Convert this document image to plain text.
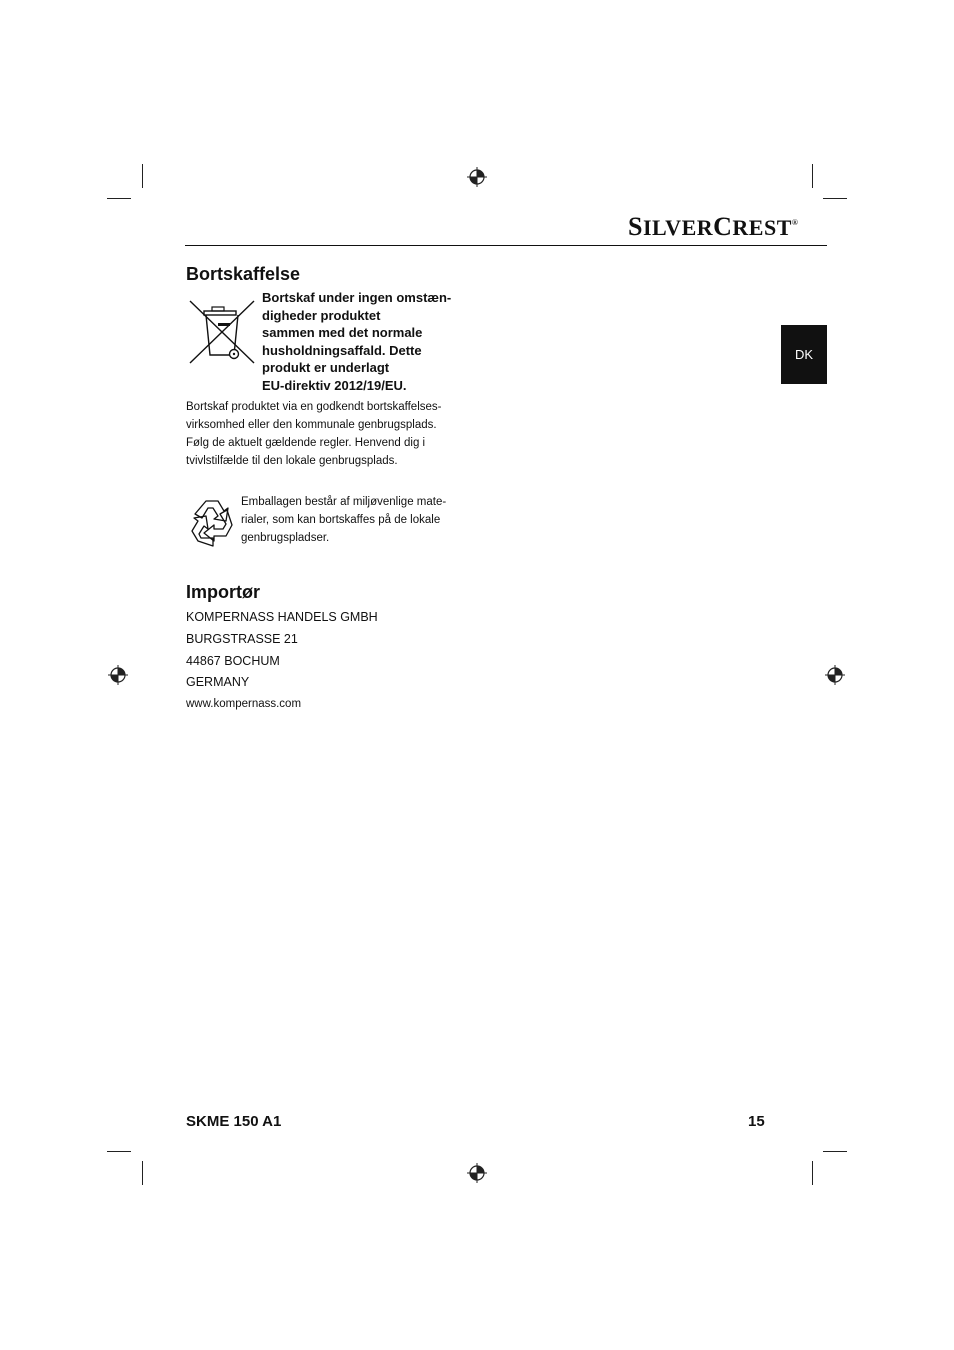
SILVERCREST®
DK
Bortskaffelse
Bortskaf under ingen omstæn-
digheder produktet
sammen med det normale
husholdningsaffald. Dette
produkt er underlagt
EU-direktiv 2012/19/EU.
Bortskaf produktet via en godkendt bortskaffelses-
virksomhed eller den kommunale genbrugsplads.
Følg de aktuelt gældende regler. Henvend dig i
tvivlstilfælde til den lokale genbrugsplads.
Emballagen består af miljøvenlige mate-
rialer, som kan bortskaffes på de lokale
genbrugspladser.
Importør
KOMPERNASS HANDELS GMBH
BURGSTRASSE 21
44867 BOCHUM
GERMANY
www.kompernass.com
SKME 150 A1	15
